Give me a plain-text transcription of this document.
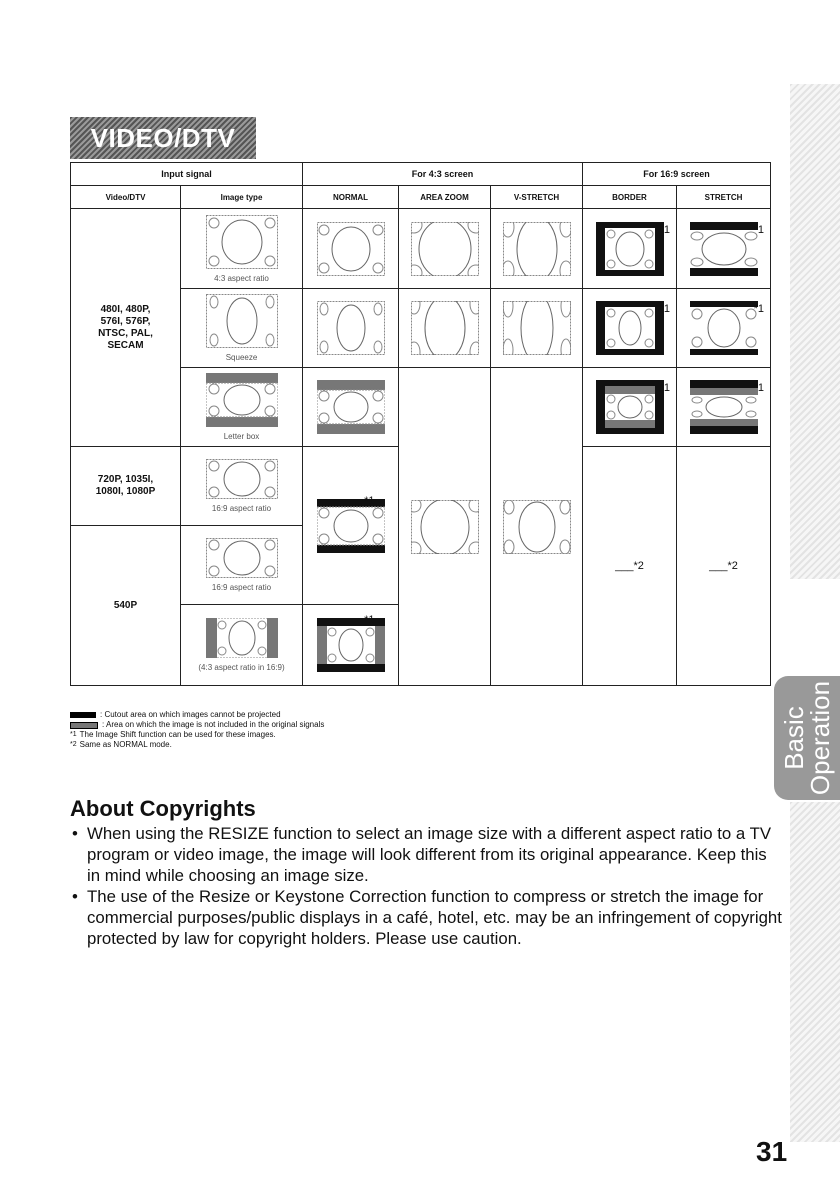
Basic
Operation
VIDEO/DTV
Input signal		For 4:3 screen			For 16:9 screen		
Video/DTV	Image type	NORMAL	AREA ZOOM	V-STRETCH	BORDER	STRETCH	

480I, 480P,
576I, 576P,
NTSC, PAL,
SECAM	4:3 aspect ratio				*1	*1	

	Squeeze				*1	*1	

	Letter box				*1	*1	

720P, 1035I,
1080I, 1080P	16:9 aspect ratio	*1			___*2	___*2	

540P	16:9 aspect ratio						

	(4:3 aspect ratio in 16:9)	*1

: Cutout area on which images cannot be projected
: Area on which the image is not included in the original signals
*1 The Image Shift function can be used for these images.
*2 Same as NORMAL mode.
About Copyrights
• When using the RESIZE function to select an image size with a different aspect ratio to a TV program or video image, the image will look different from its original appearance. Keep this in mind while choosing an image size.
• The use of the Resize or Keystone Correction function to compress or stretch the image for commercial purposes/public displays in a café, hotel, etc. may be an infringement of copyright protected by law for copyright holders. Please use caution.
31
